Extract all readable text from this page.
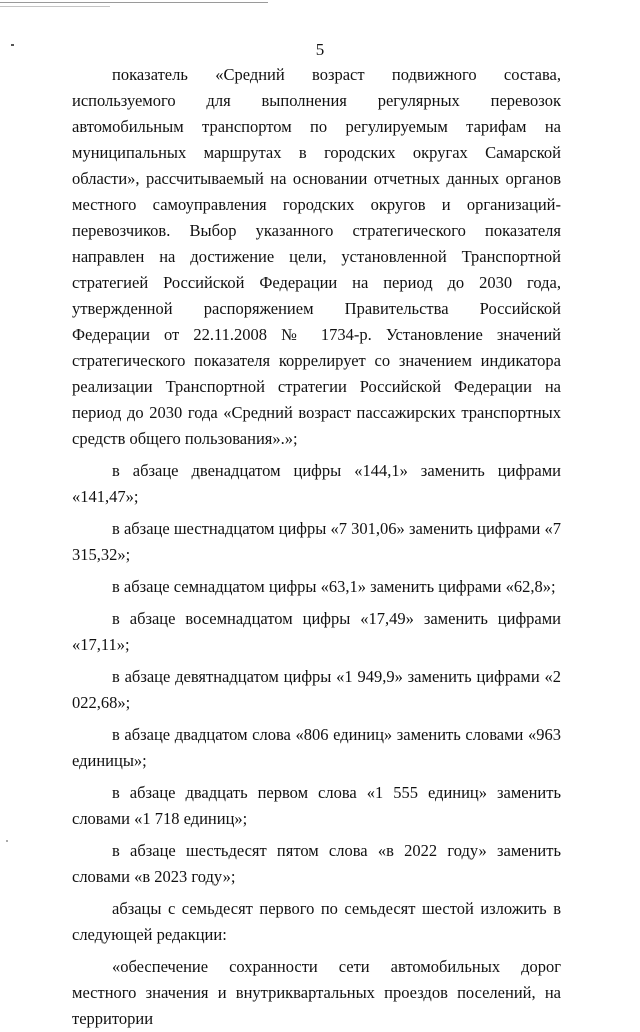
5

показатель «Средний возраст подвижного состава, используемого для выполнения регулярных перевозок автомобильным транспортом по регулируемым тарифам на муниципальных маршрутах в городских округах Самарской области», рассчитываемый на основании отчетных данных органов местного самоуправления городских округов и организаций-перевозчиков. Выбор указанного стратегического показателя направлен на достижение цели, установленной Транспортной стратегией Российской Федерации на период до 2030 года, утвержденной распоряжением Правительства Российской Федерации от 22.11.2008 № 1734-р. Установление значений стратегического показателя коррелирует со значением индикатора реализации Транспортной стратегии Российской Федерации на период до 2030 года «Средний возраст пассажирских транспортных средств общего пользования».»;

в абзаце двенадцатом цифры «144,1» заменить цифрами «141,47»;

в абзаце шестнадцатом цифры «7 301,06» заменить цифрами «7 315,32»;

в абзаце семнадцатом цифры «63,1» заменить цифрами «62,8»;

в абзаце восемнадцатом цифры «17,49» заменить цифрами «17,11»;

в абзаце девятнадцатом цифры «1 949,9» заменить цифрами «2 022,68»;

в абзаце двадцатом слова «806 единиц» заменить словами «963 единицы»;

в абзаце двадцать первом слова «1 555 единиц» заменить словами «1 718 единиц»;

в абзаце шестьдесят пятом слова «в 2022 году» заменить словами «в 2023 году»;

абзацы с семьдесят первого по семьдесят шестой изложить в следующей редакции:

«обеспечение сохранности сети автомобильных дорог местного значения и внутриквартальных проездов поселений, на территории
